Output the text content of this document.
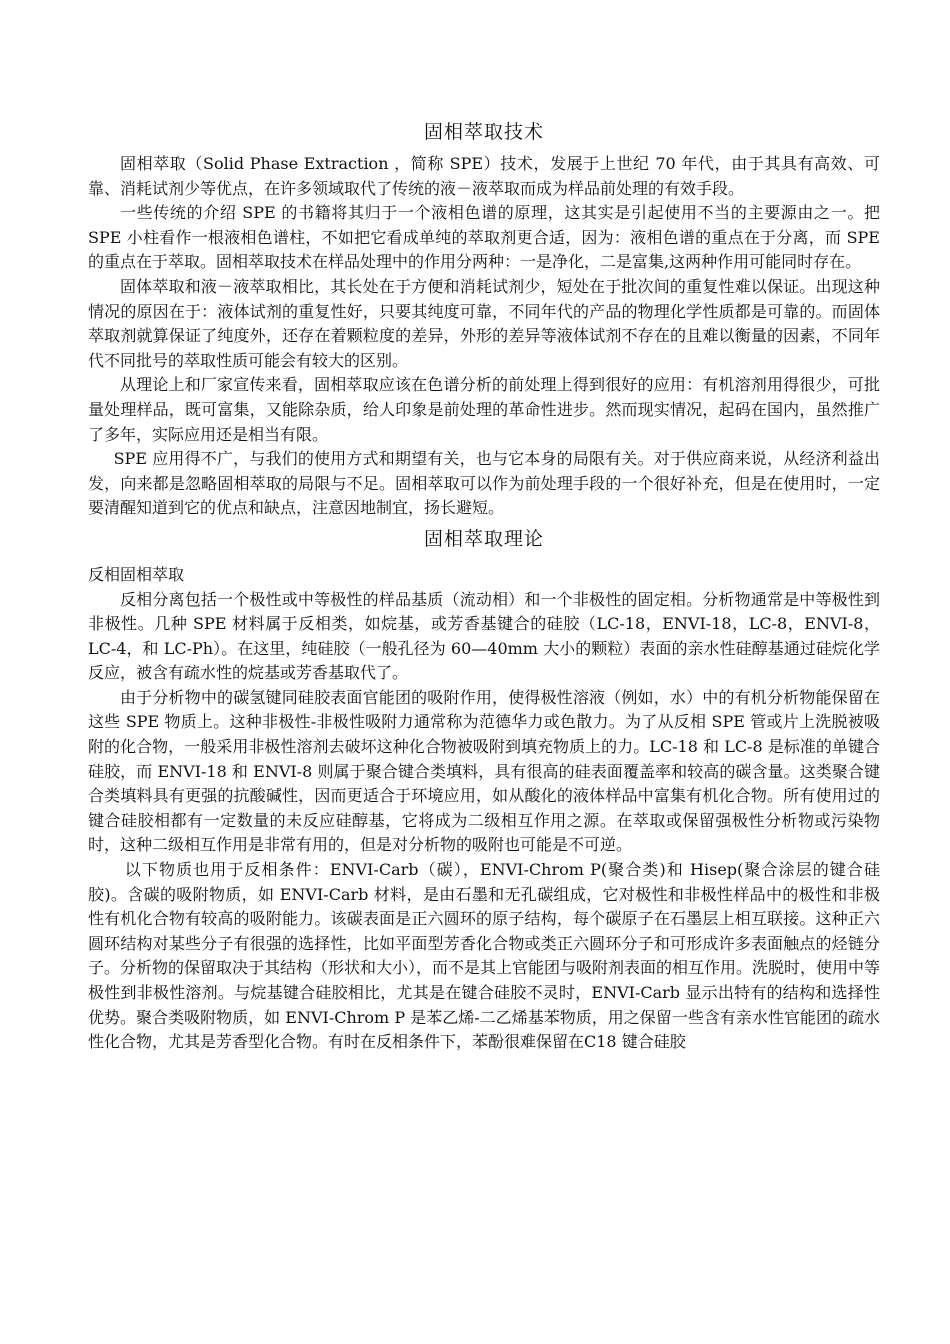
固相萃取技术

固相萃取（Solid Phase Extraction ，简称 SPE）技术，发展于上世纪 70 年代，由于其具有高效、可靠、消耗试剂少等优点，在许多领域取代了传统的液－液萃取而成为样品前处理的有效手段。

一些传统的介绍 SPE 的书籍将其归于一个液相色谱的原理，这其实是引起使用不当的主要源由之一。把 SPE 小柱看作一根液相色谱柱，不如把它看成单纯的萃取剂更合适，因为：液相色谱的重点在于分离，而 SPE 的重点在于萃取。固相萃取技术在样品处理中的作用分两种：一是净化，二是富集,这两种作用可能同时存在。

固体萃取和液－液萃取相比，其长处在于方便和消耗试剂少，短处在于批次间的重复性难以保证。出现这种情况的原因在于：液体试剂的重复性好，只要其纯度可靠，不同年代的产品的物理化学性质都是可靠的。而固体萃取剂就算保证了纯度外，还存在着颗粒度的差异，外形的差异等液体试剂不存在的且难以衡量的因素，不同年代不同批号的萃取性质可能会有较大的区别。

从理论上和厂家宣传来看，固相萃取应该在色谱分析的前处理上得到很好的应用：有机溶剂用得很少，可批量处理样品，既可富集，又能除杂质，给人印象是前处理的革命性进步。然而现实情况，起码在国内，虽然推广了多年，实际应用还是相当有限。

SPE 应用得不广，与我们的使用方式和期望有关，也与它本身的局限有关。对于供应商来说，从经济利益出发，向来都是忽略固相萃取的局限与不足。固相萃取可以作为前处理手段的一个很好补充，但是在使用时，一定要清醒知道到它的优点和缺点，注意因地制宜，扬长避短。

固相萃取理论

反相固相萃取

反相分离包括一个极性或中等极性的样品基质（流动相）和一个非极性的固定相。分析物通常是中等极性到非极性。几种 SPE 材料属于反相类，如烷基，或芳香基键合的硅胶（LC-18，ENVI-18，LC-8，ENVI-8，LC-4，和 LC-Ph）。在这里，纯硅胶（一般孔径为 60—40mm 大小的颗粒）表面的亲水性硅醇基通过硅烷化学反应，被含有疏水性的烷基或芳香基取代了。

由于分析物中的碳氢键同硅胶表面官能团的吸附作用，使得极性溶液（例如，水）中的有机分析物能保留在这些 SPE 物质上。这种非极性-非极性吸附力通常称为范德华力或色散力。为了从反相 SPE 管或片上洗脱被吸附的化合物，一般采用非极性溶剂去破坏这种化合物被吸附到填充物质上的力。LC-18 和 LC-8 是标准的单键合硅胶，而 ENVI-18 和 ENVI-8 则属于聚合键合类填料，具有很高的硅表面覆盖率和较高的碳含量。这类聚合键合类填料具有更强的抗酸碱性，因而更适合于环境应用，如从酸化的液体样品中富集有机化合物。所有使用过的键合硅胶相都有一定数量的未反应硅醇基，它将成为二级相互作用之源。在萃取或保留强极性分析物或污染物时，这种二级相互作用是非常有用的，但是对分析物的吸附也可能是不可逆。

以下物质也用于反相条件：ENVI-Carb（碳），ENVI-Chrom P(聚合类)和 Hisep(聚合涂层的键合硅胶)。含碳的吸附物质，如 ENVI-Carb 材料，是由石墨和无孔碳组成，它对极性和非极性样品中的极性和非极性有机化合物有较高的吸附能力。该碳表面是正六圆环的原子结构，每个碳原子在石墨层上相互联接。这种正六圆环结构对某些分子有很强的选择性，比如平面型芳香化合物或类正六圆环分子和可形成许多表面触点的烃链分子。分析物的保留取决于其结构（形状和大小），而不是其上官能团与吸附剂表面的相互作用。洗脱时，使用中等极性到非极性溶剂。与烷基键合硅胶相比，尤其是在键合硅胶不灵时，ENVI-Carb 显示出特有的结构和选择性优势。聚合类吸附物质，如 ENVI-Chrom P 是苯乙烯-二乙烯基苯物质，用之保留一些含有亲水性官能团的疏水性化合物，尤其是芳香型化合物。有时在反相条件下，苯酚很难保留在C18 键合硅胶
